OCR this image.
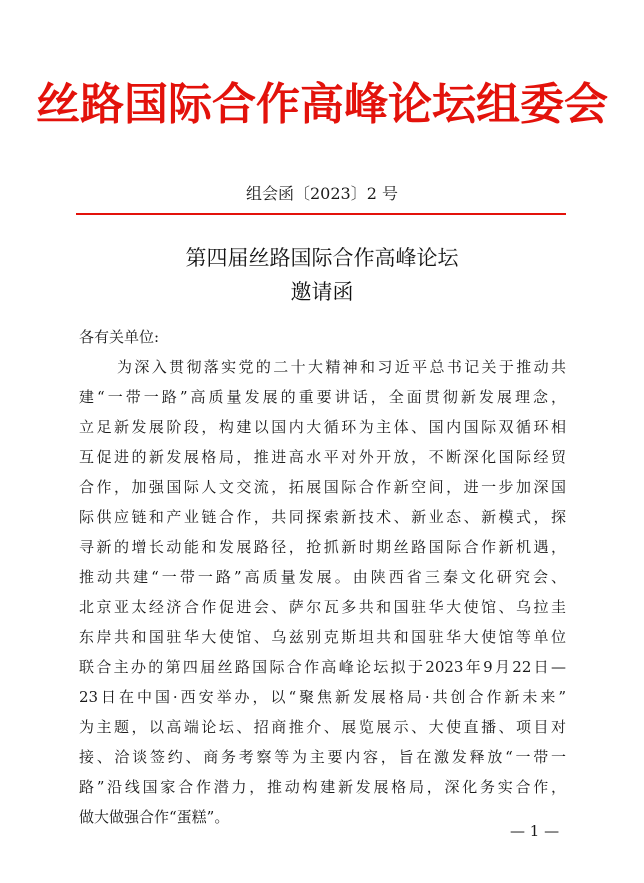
丝路国际合作高峰论坛组委会
组会函〔2023〕2 号
第四届丝路国际合作高峰论坛
邀请函
各有关单位:
为深入贯彻落实党的二十大精神和习近平总书记关于推动共
建“一带一路”高质量发展的重要讲话，全面贯彻新发展理念，
立足新发展阶段，构建以国内大循环为主体、国内国际双循环相
互促进的新发展格局，推进高水平对外开放，不断深化国际经贸
合作，加强国际人文交流，拓展国际合作新空间，进一步加深国
际供应链和产业链合作，共同探索新技术、新业态、新模式，探
寻新的增长动能和发展路径，抢抓新时期丝路国际合作新机遇，
推动共建“一带一路”高质量发展。由陕西省三秦文化研究会、
北京亚太经济合作促进会、萨尔瓦多共和国驻华大使馆、乌拉圭
东岸共和国驻华大使馆、乌兹别克斯坦共和国驻华大使馆等单位
联合主办的第四届丝路国际合作高峰论坛拟于2023年9月22日—
23日在中国·西安举办，以“聚焦新发展格局·共创合作新未来”
为主题，以高端论坛、招商推介、展览展示、大使直播、项目对
接、洽谈签约、商务考察等为主要内容，旨在激发释放“一带一
路”沿线国家合作潜力，推动构建新发展格局，深化务实合作，
做大做强合作“蛋糕”。
— 1 —
